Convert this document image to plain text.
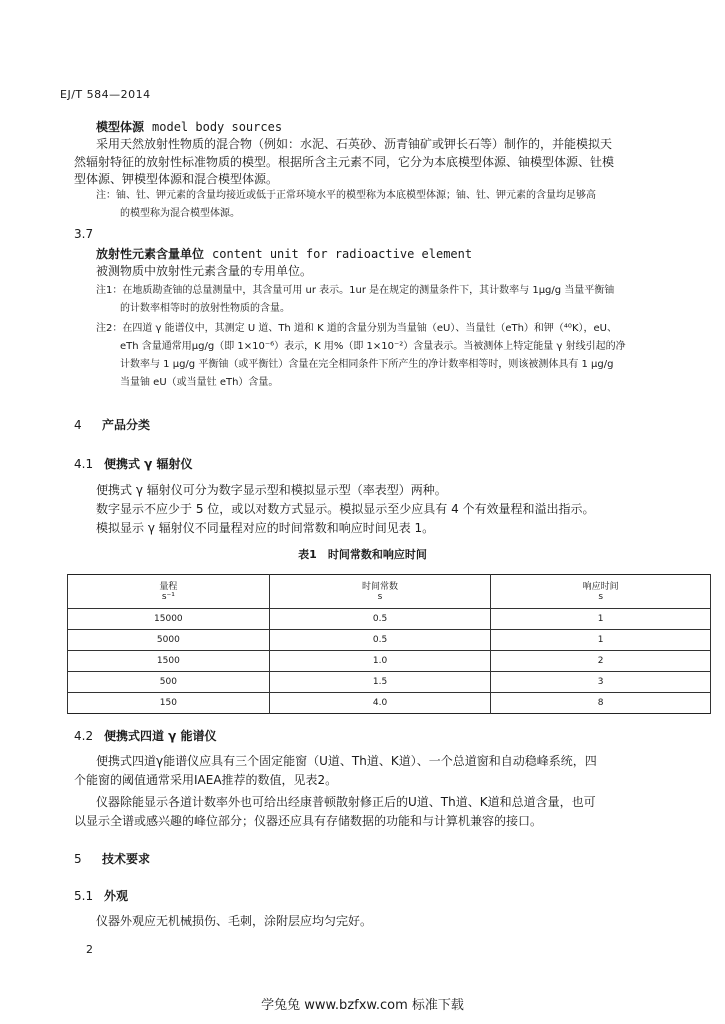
EJ/T 584—2014
模型体源 model body sources
采用天然放射性物质的混合物（例如：水泥、石英砂、沥青铀矿或钾长石等）制作的，并能模拟天
然辐射特征的放射性标准物质的模型。根据所含主元素不同，它分为本底模型体源、铀模型体源、钍模
型体源、钾模型体源和混合模型体源。
注：铀、钍、钾元素的含量均接近或低于正常环境水平的模型称为本底模型体源；铀、钍、钾元素的含量均足够高
的模型称为混合模型体源。
3.7
放射性元素含量单位 content unit for radioactive element
被测物质中放射性元素含量的专用单位。
注1：在地质勘查铀的总量测量中，其含量可用 ur 表示。1ur 是在规定的测量条件下，其计数率与 1μg/g 当量平衡铀
的计数率相等时的放射性物质的含量。
注2：在四道 γ 能谱仪中，其测定 U 道、Th 道和 K 道的含量分别为当量铀（eU）、当量钍（eTh）和钾（⁴⁰K），eU、
eTh 含量通常用μg/g（即 1×10⁻⁶）表示，K 用%（即 1×10⁻²）含量表示。当被测体上特定能量 γ 射线引起的净
计数率与 1 μg/g 平衡铀（或平衡钍）含量在完全相同条件下所产生的净计数率相等时，则该被测体具有 1 μg/g
当量铀 eU（或当量钍 eTh）含量。
4 产品分类
4.1 便携式 γ 辐射仪
便携式 γ 辐射仪可分为数字显示型和模拟显示型（率表型）两种。
数字显示不应少于 5 位，或以对数方式显示。模拟显示至少应具有 4 个有效量程和溢出指示。
模拟显示 γ 辐射仪不同量程对应的时间常数和响应时间见表 1。
表1　时间常数和响应时间
量程	时间常数	响应时间
s⁻¹	s	s
15000	0.5	1
5000	0.5	1
1500	1.0	2
500	1.5	3
150	4.0	8
4.2 便携式四道 γ 能谱仪
便携式四道γ能谱仪应具有三个固定能窗（U道、Th道、K道）、一个总道窗和自动稳峰系统，四
个能窗的阈值通常采用IAEA推荐的数值，见表2。
仪器除能显示各道计数率外也可给出经康普顿散射修正后的U道、Th道、K道和总道含量，也可
以显示全谱或感兴趣的峰位部分；仪器还应具有存储数据的功能和与计算机兼容的接口。
5 技术要求
5.1 外观
仪器外观应无机械损伤、毛刺，涂附层应均匀完好。
2
学兔兔 www.bzfxw.com 标准下载
